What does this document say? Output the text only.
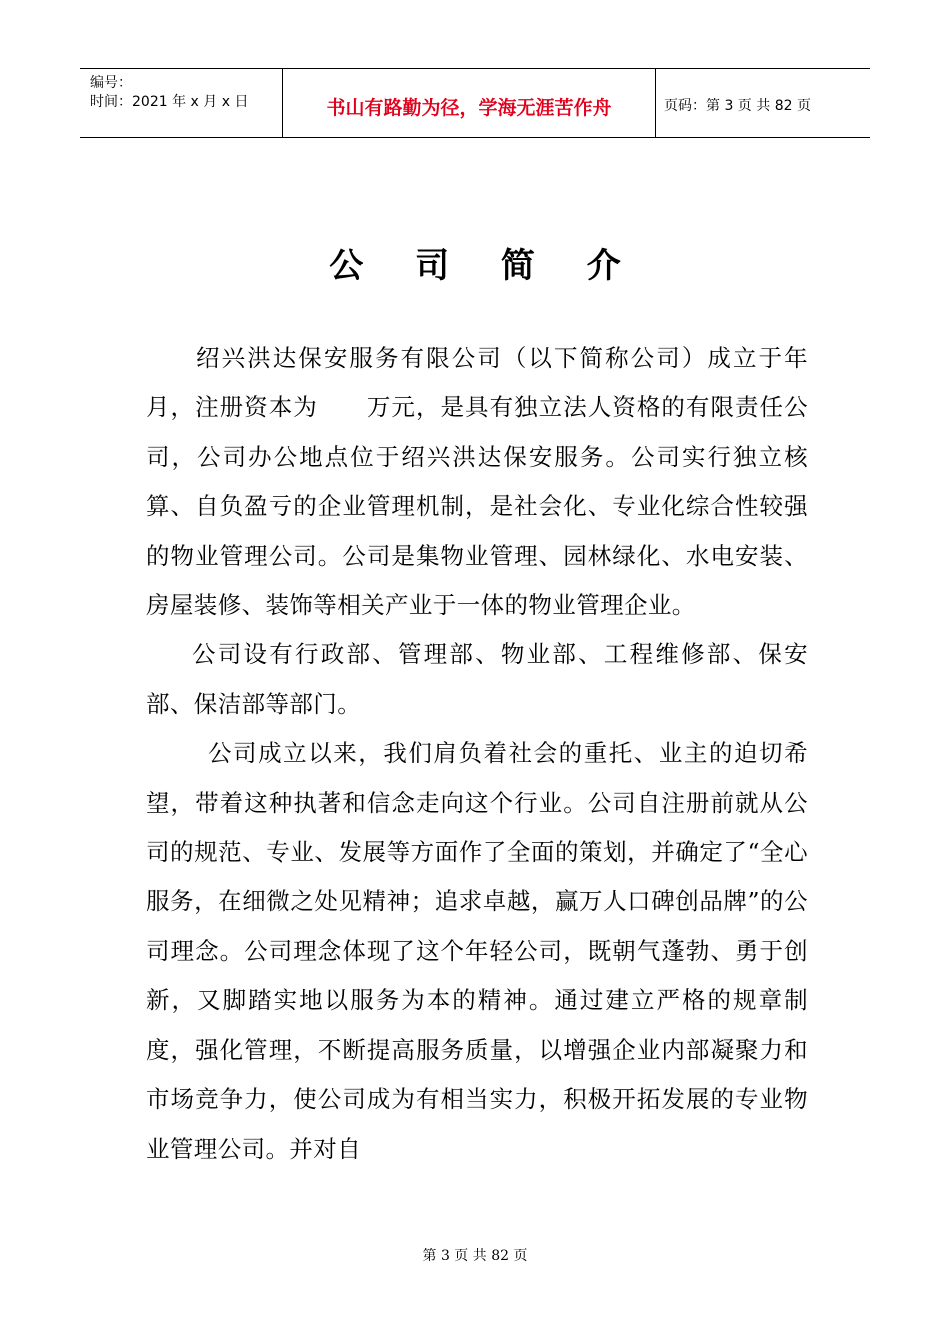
编号：
时间：2021 年 x 月 x 日	书山有路勤为径，学海无涯苦作舟	页码：第 3 页 共 82 页
公 司 简 介

绍兴洪达保安服务有限公司（以下简称公司）成立于年月，注册资本为　　万元，是具有独立法人资格的有限责任公司，公司办公地点位于绍兴洪达保安服务。公司实行独立核算、自负盈亏的企业管理机制，是社会化、专业化综合性较强的物业管理公司。公司是集物业管理、园林绿化、水电安装、房屋装修、装饰等相关产业于一体的物业管理企业。

公司设有行政部、管理部、物业部、工程维修部、保安部、保洁部等部门。

公司成立以来，我们肩负着社会的重托、业主的迫切希望，带着这种执著和信念走向这个行业。公司自注册前就从公司的规范、专业、发展等方面作了全面的策划，并确定了“全心服务，在细微之处见精神；追求卓越，赢万人口碑创品牌”的公司理念。公司理念体现了这个年轻公司，既朝气蓬勃、勇于创新，又脚踏实地以服务为本的精神。通过建立严格的规章制度，强化管理，不断提高服务质量，以增强企业内部凝聚力和市场竞争力，使公司成为有相当实力，积极开拓发展的专业物业管理公司。并对自

第 3 页 共 82 页
